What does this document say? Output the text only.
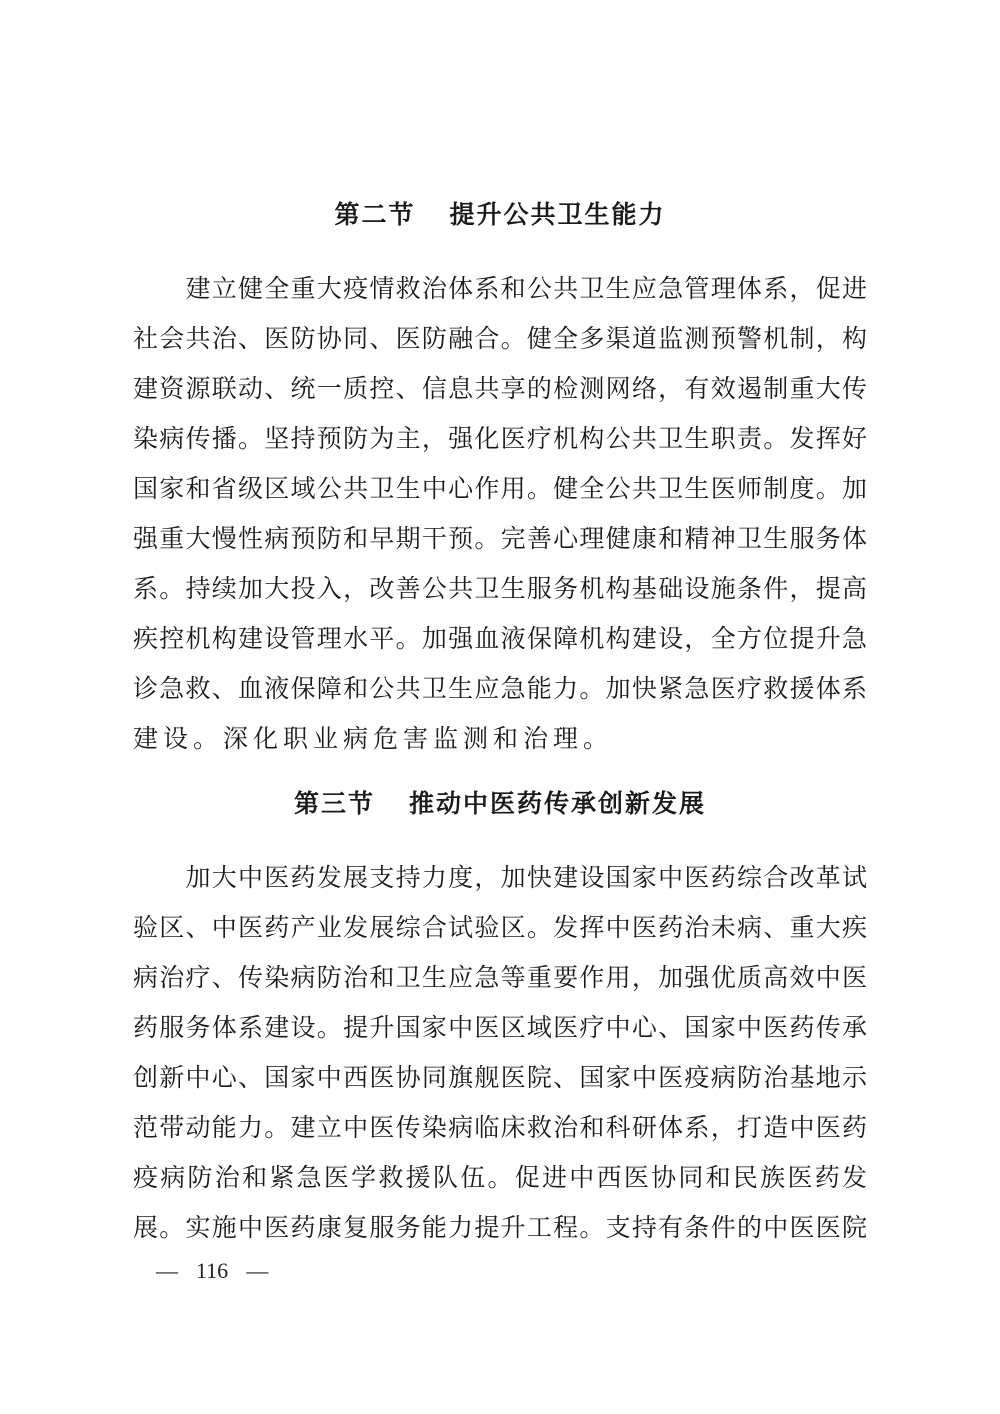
第二节 提升公共卫生能力
　　建立健全重大疫情救治体系和公共卫生应急管理体系，促进
社会共治、医防协同、医防融合。健全多渠道监测预警机制，构
建资源联动、统一质控、信息共享的检测网络，有效遏制重大传
染病传播。坚持预防为主，强化医疗机构公共卫生职责。发挥好
国家和省级区域公共卫生中心作用。健全公共卫生医师制度。加
强重大慢性病预防和早期干预。完善心理健康和精神卫生服务体
系。持续加大投入，改善公共卫生服务机构基础设施条件，提高
疾控机构建设管理水平。加强血液保障机构建设，全方位提升急
诊急救、血液保障和公共卫生应急能力。加快紧急医疗救援体系
建设。深化职业病危害监测和治理。
第三节 推动中医药传承创新发展
　　加大中医药发展支持力度，加快建设国家中医药综合改革试
验区、中医药产业发展综合试验区。发挥中医药治未病、重大疾
病治疗、传染病防治和卫生应急等重要作用，加强优质高效中医
药服务体系建设。提升国家中医区域医疗中心、国家中医药传承
创新中心、国家中西医协同旗舰医院、国家中医疫病防治基地示
范带动能力。建立中医传染病临床救治和科研体系，打造中医药
疫病防治和紧急医学救援队伍。促进中西医协同和民族医药发
展。实施中医药康复服务能力提升工程。支持有条件的中医医院
— 116 —
